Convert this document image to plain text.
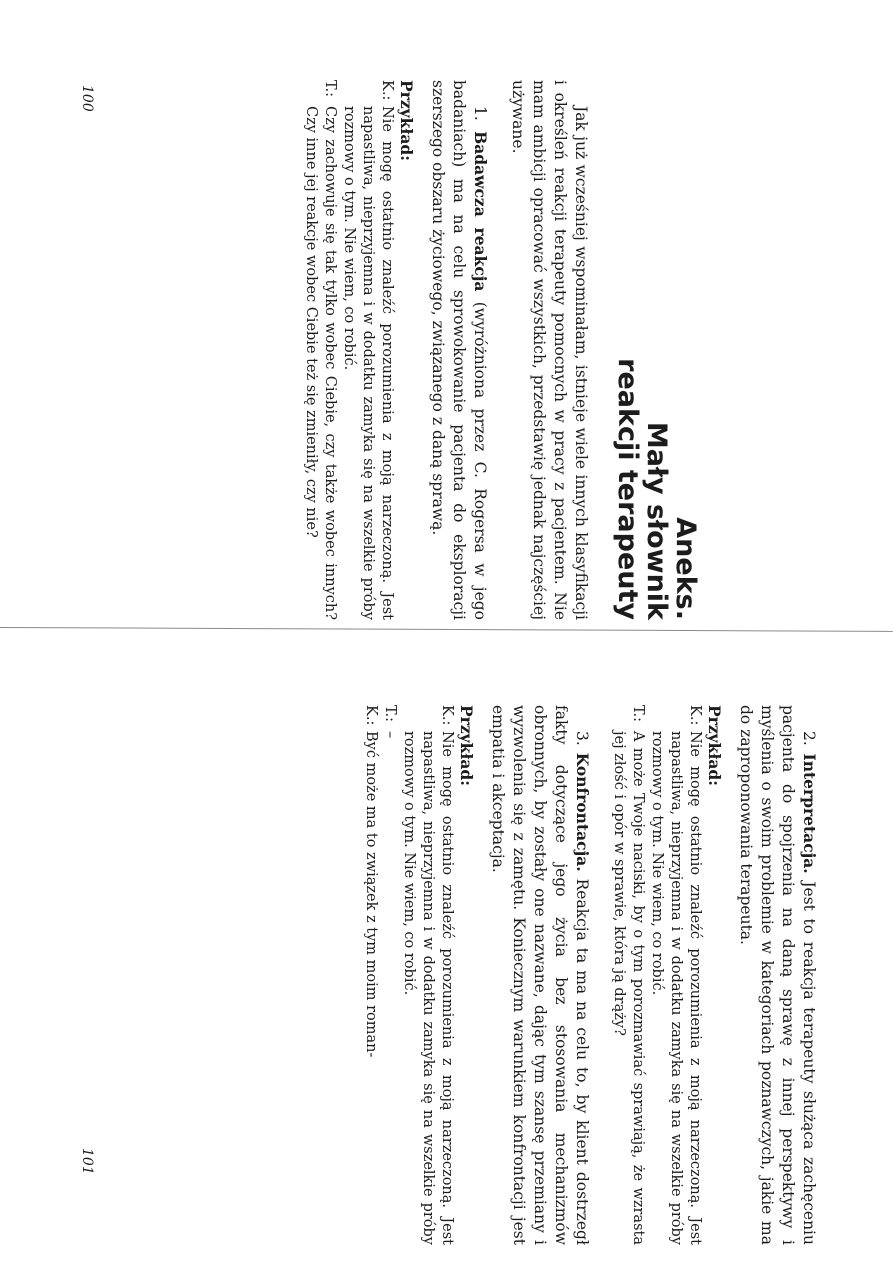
Aneks.
Mały słownik
reakcji terapeuty

Jak już wcześniej wspominałam, istnieje wiele innych klasyfikacji i określeń reakcji terapeuty pomocnych w pracy z pacjentem. Nie mam ambicji opracować wszystkich, przedstawię jednak najczęściej używane.

1. Badawcza reakcja (wyróżniona przez C. Rogersa w jego badaniach) ma na celu sprowokowanie pacjenta do eksploracji szerszego obszaru życiowego, związanego z daną sprawą.

Przykład:

K.:
Nie mogę ostatnio znaleźć porozumienia z moją narzeczoną. Jest napastliwa, nieprzyjemna i w dodatku zamyka się na wszelkie próby rozmowy o tym. Nie wiem, co robić.
T.:
Czy zachowuje się tak tylko wobec Ciebie, czy także wobec innych? Czy inne jej reakcje wobec Ciebie też się zmieniły, czy nie?

2. Interpretacja. Jest to reakcja terapeuty służąca zachęceniu pacjenta do spojrzenia na daną sprawę z innej perspektywy i myślenia o swoim problemie w kategoriach poznawczych, jakie ma do zaproponowania terapeuta.

Przykład:

K.:
Nie mogę ostatnio znaleźć porozumienia z moją narzeczoną. Jest napastliwa, nieprzyjemna i w dodatku zamyka się na wszelkie próby rozmowy o tym. Nie wiem, co robić.
T.:
A może Twoje naciski, by o tym porozmawiać sprawiają, że wzrasta jej złość i opór w sprawie, która ją drąży?

3. Konfrontacja. Reakcja ta ma na celu to, by klient dostrzegł fakty dotyczące jego życia bez stosowania mechanizmów obronnych, by zostały one nazwane, dając tym szansę przemiany i wyzwolenia się z zamętu. Koniecznym warunkiem konfrontacji jest empatia i akceptacja.

Przykład:

K.:
Nie mogę ostatnio znaleźć porozumienia z moją narzeczoną. Jest napastliwa, nieprzyjemna i w dodatku zamyka się na wszelkie próby rozmowy o tym. Nie wiem, co robić.
T.:
–
K.:
Być może ma to związek z tym moim roman-
100
101
